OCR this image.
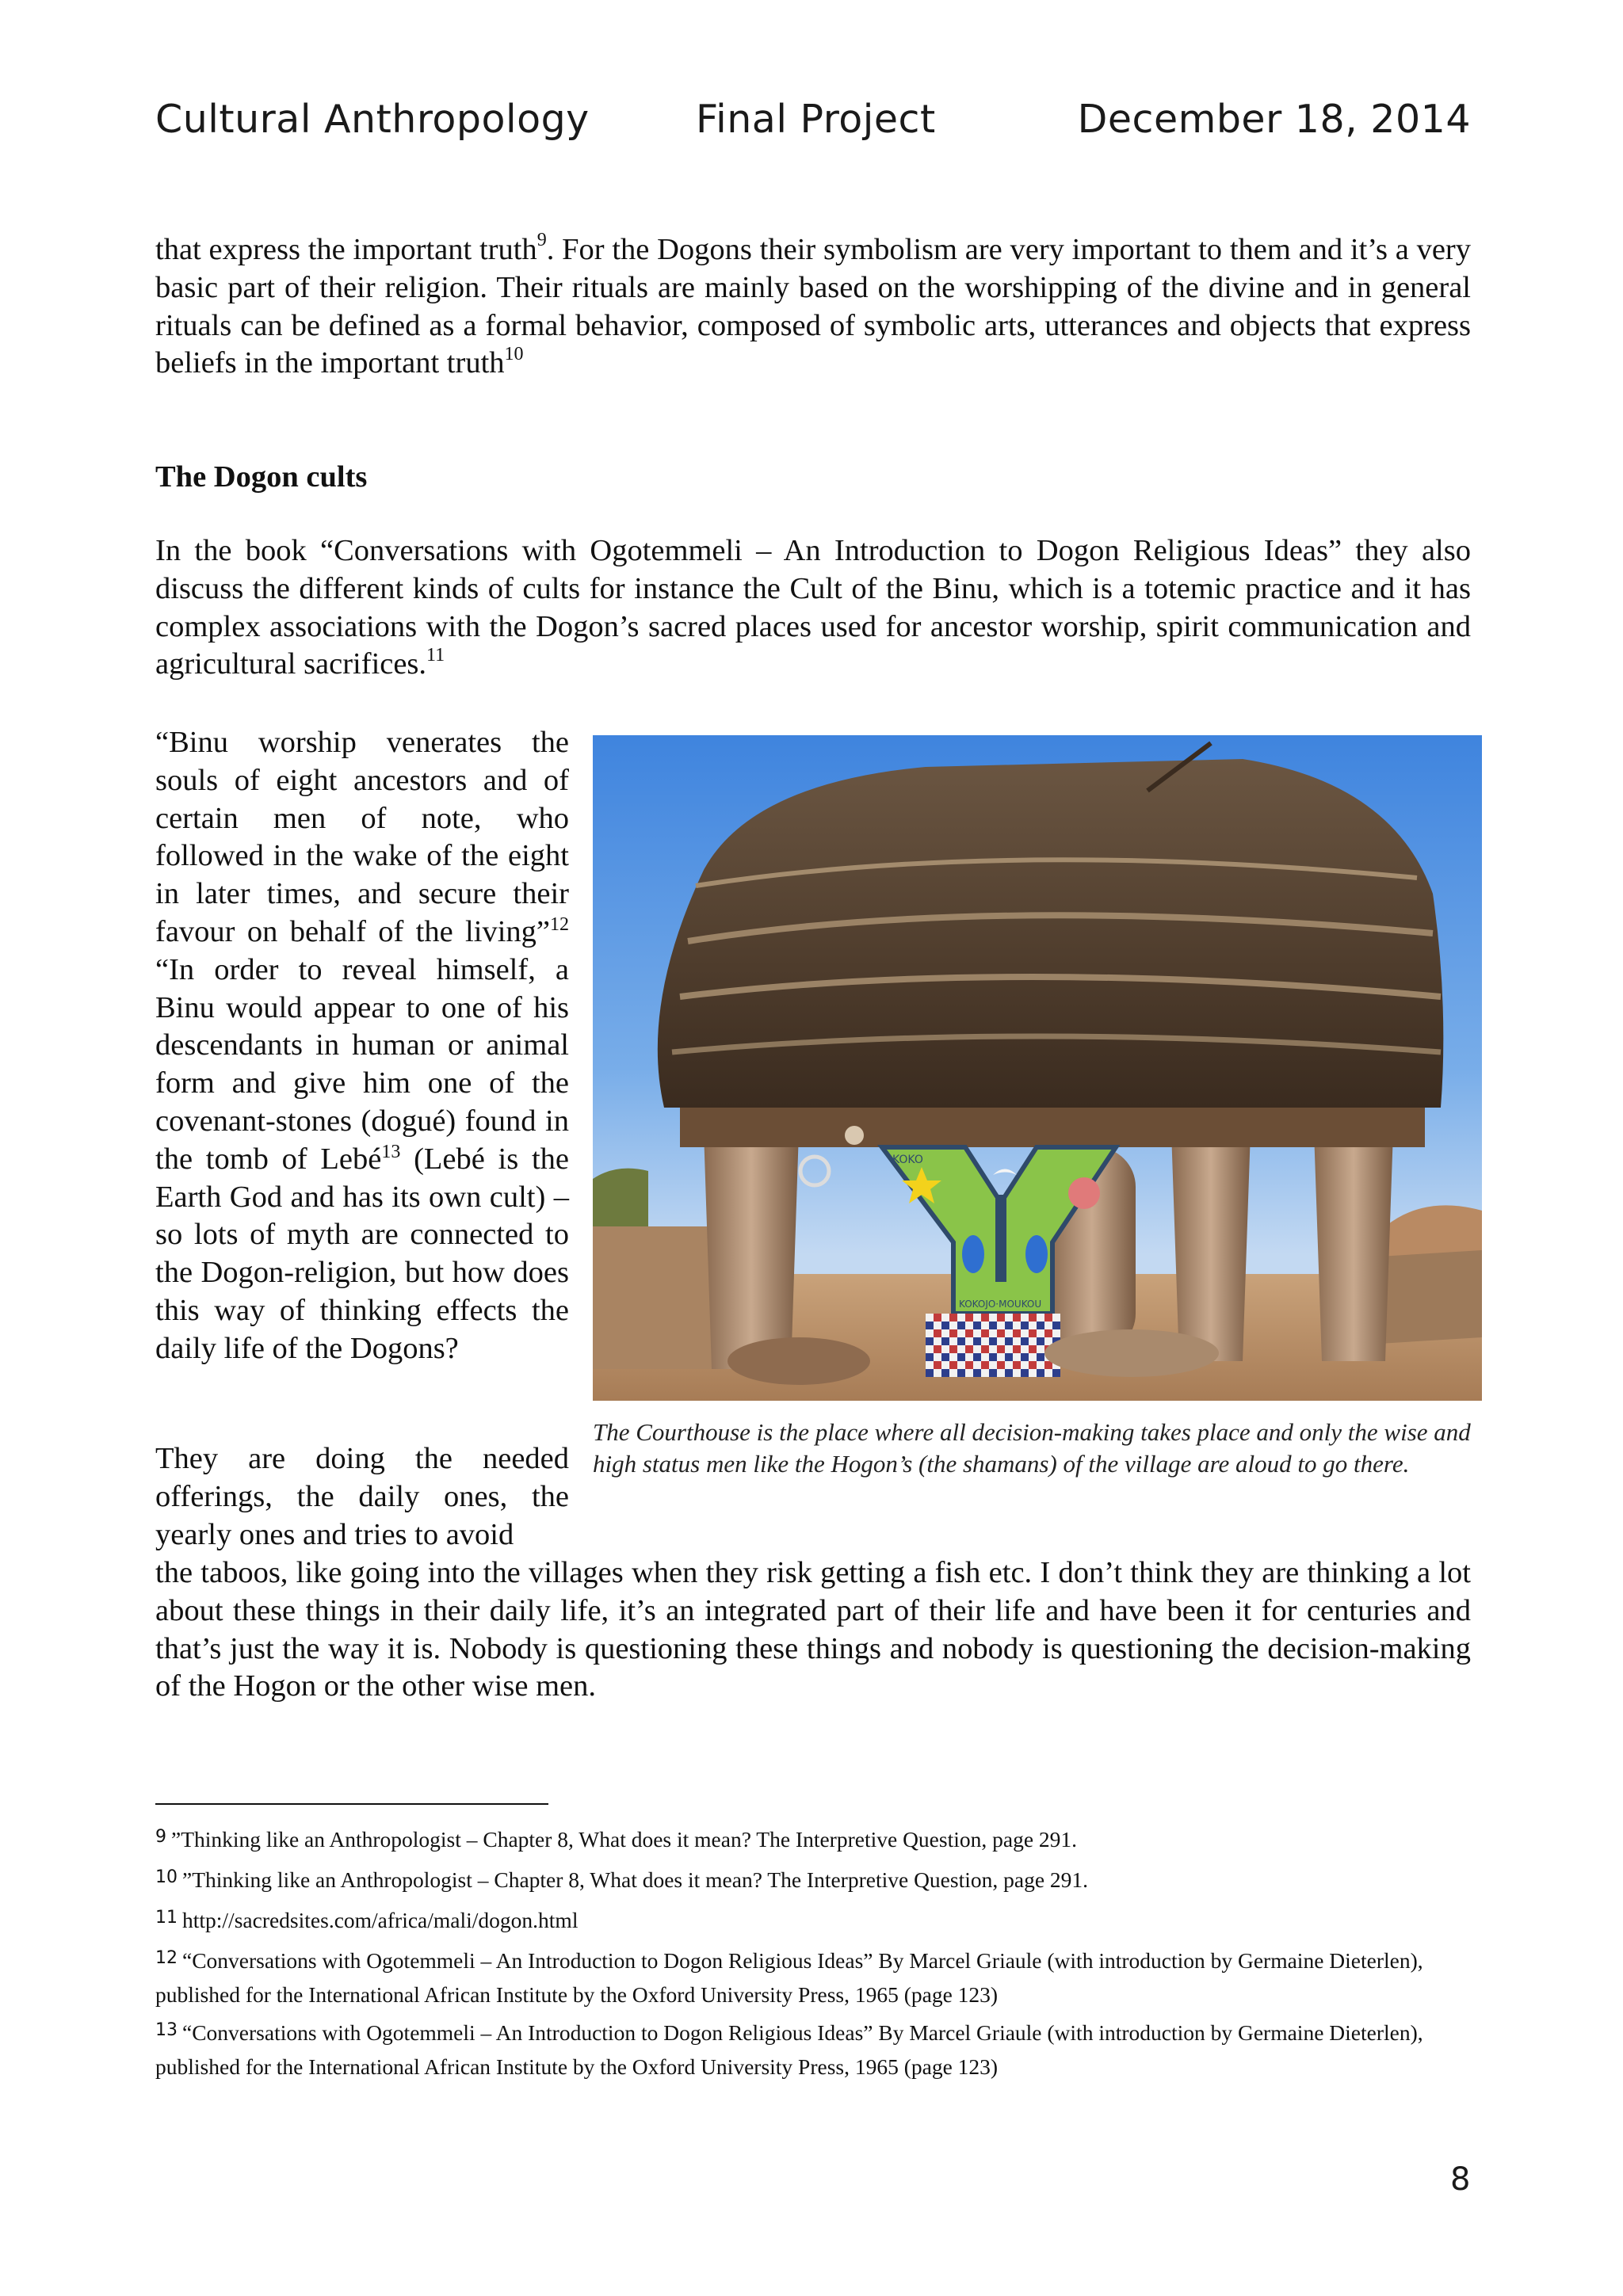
Cultural Anthropology	Final Project	December 18, 2014

that express the important truth$^9$. For the Dogons their symbolism are very important to them and it’s a very basic part of their religion. Their rituals are mainly based on the worshipping of the divine and in general rituals can be defined as a formal behavior, composed of symbolic arts, utterances and objects that express beliefs in the important truth$^{10}$

The Dogon cults

In the book “Conversations with Ogotemmeli – An Introduction to Dogon Religious Ideas” they also discuss the different kinds of cults for instance the Cult of the Binu, which is a totemic practice and it has complex associations with the Dogon’s sacred places used for ancestor worship, spirit communication and agricultural sacrifices.$^{11}$

“Binu worship venerates the souls of eight ancestors and of certain men of note, who followed in the wake of the eight in later times, and secure their favour on behalf of the living”$^{12}$ “In order to reveal himself, a Binu would appear to one of his descendants in human or animal form and give him one of the covenant-stones (dogué) found in the tomb of Lebé$^{13}$ (Lebé is the Earth God and has its own cult) – so lots of myth are connected to the Dogon-religion, but how does this way of thinking effects the daily life of the Dogons?

KOKO
KOKOJO·MOUKOU

The Courthouse is the place where all decision-making takes place and only the wise and high status men like the Hogon’s (the shamans) of the village are aloud to go there.

They are doing the needed offerings, the daily ones, the yearly ones and tries to avoid

the taboos, like going into the villages when they risk getting a fish etc. I don’t think they are thinking a lot about these things in their daily life, it’s an integrated part of their life and have been it for centuries and that’s just the way it is. Nobody is questioning these things and nobody is questioning the decision-making of the Hogon or the other wise men.

$^9$ ”Thinking like an Anthropologist – Chapter 8, What does it mean? The Interpretive Question, page 291.
$^{10}$ ”Thinking like an Anthropologist – Chapter 8, What does it mean? The Interpretive Question, page 291.
$^{11}$ http://sacredsites.com/africa/mali/dogon.html
$^{12}$ “Conversations with Ogotemmeli – An Introduction to Dogon Religious Ideas” By Marcel Griaule (with introduction by Germaine Dieterlen), published for the International African Institute by the Oxford University Press, 1965 (page 123)
$^{13}$ “Conversations with Ogotemmeli – An Introduction to Dogon Religious Ideas” By Marcel Griaule (with introduction by Germaine Dieterlen), published for the International African Institute by the Oxford University Press, 1965 (page 123)
8
